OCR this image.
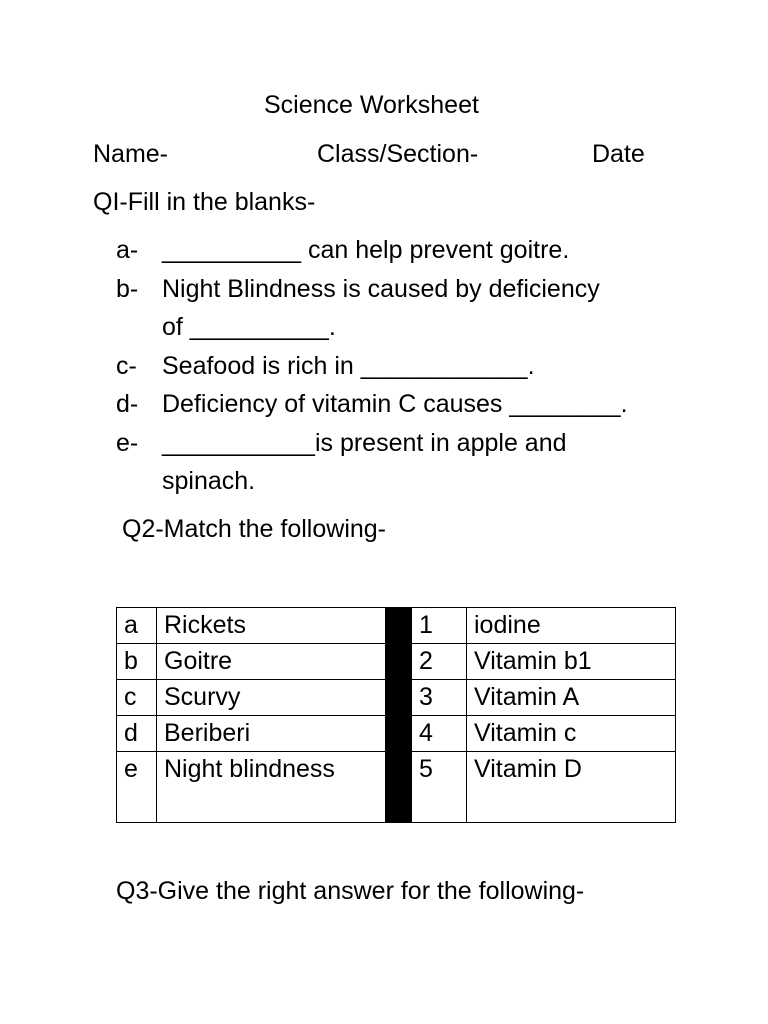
Science Worksheet
Name-	Class/Section-	Date
QI-Fill in the blanks-
a- __________ can help prevent goitre.
b- Night Blindness is caused by deficiency
of __________.
c- Seafood is rich in ____________.
d- Deficiency of vitamin C causes ________.
e- ___________is present in apple and
spinach.
Q2-Match the following-
a	Rickets		1	iodine
b	Goitre		2	Vitamin b1
c	Scurvy		3	Vitamin A
d	Beriberi		4	Vitamin c
e	Night blindness		5	Vitamin D
Q3-Give the right answer for the following-
